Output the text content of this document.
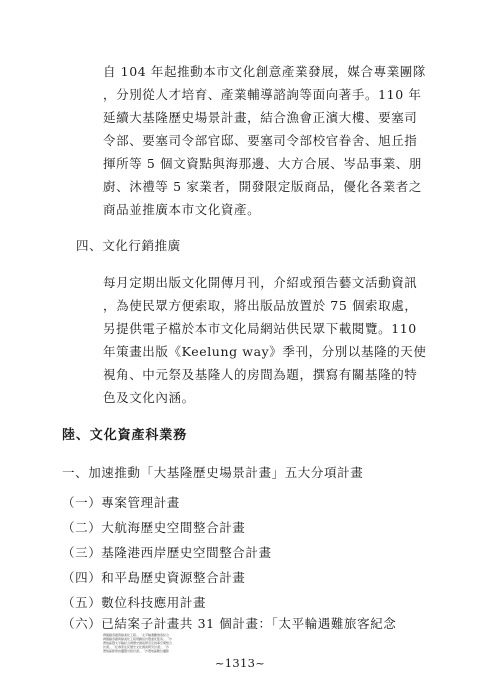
自 104 年起推動本市文化創意產業發展，媒合專業團隊
，分別從人才培育、產業輔導諮詢等面向著手。110 年
延續大基隆歷史場景計畫，結合漁會正濱大樓、要塞司
令部、要塞司令部官邸、要塞司令部校官眷舍、旭丘指
揮所等 5 個文資點與海那邊、大方合展、岑品事業、朋
廚、沐禮等 5 家業者，開發限定版商品，優化各業者之
商品並推廣本市文化資產。
四、文化行銷推廣
每月定期出版文化開傳月刊，介紹或預告藝文活動資訊
，為使民眾方便索取，將出版品放置於 75 個索取處，
另提供電子檔於本市文化局網站供民眾下載閱覽。110
年策畫出版《Keelung way》季刊，分別以基隆的天使
視角、中元祭及基隆人的房間為題，撰寫有關基隆的特
色及文化內涵。
陸、文化資產科業務
一、加速推動「大基隆歷史場景計畫」五大分項計畫
（一）專案管理計畫
（二）大航海歷史空間整合計畫
（三）基隆港西岸歷史空間整合計畫
（四）和平島歷史資源整合計畫
~1313~
（五）數位科技應用計畫
（六）已結案子計畫共 31 個計畫：「太平輪遇難旅客紀念
碑園牆退縮與綠美化工程」、「太平輪遇難旅客紀念
碑園牆退縮與綠美化工程規劃設計暨委託監造」、「沙
灣地區暨太平輪紀念碑歷史調查研究及敘事空間整合
計畫」、「社寮原住民歷史文化調查研究計畫」、「沙
灣地區影像拍攝暨出版計畫」、「沙灣地區數位攝影
